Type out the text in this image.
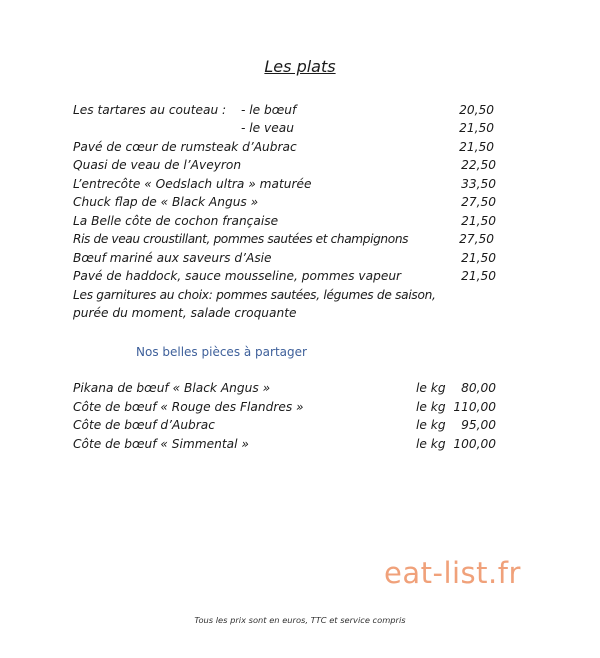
Les plats
Les tartares au couteau : - le bœuf	20,50
- le veau	21,50
Pavé de cœur de rumsteak d’Aubrac	21,50
Quasi de veau de l’Aveyron	22,50
L’entrecôte « Oedslach ultra » maturée	33,50
Chuck flap de « Black Angus »	27,50
La Belle côte de cochon française	21,50
Ris de veau croustillant, pommes sautées et champignons	27,50
Bœuf mariné aux saveurs d’Asie	21,50
Pavé de haddock, sauce mousseline, pommes vapeur	21,50
Les garnitures au choix: pommes sautées, légumes de saison,
purée du moment, salade croquante
Nos belles pièces à partager
Pikana de bœuf « Black Angus »	le kg	80,00
Côte de bœuf « Rouge des Flandres »	le kg 110,00
Côte de bœuf d’Aubrac	le kg	95,00
Côte de bœuf « Simmental »	le kg 100,00
eat-list.fr
Tous les prix sont en euros, TTC et service compris
